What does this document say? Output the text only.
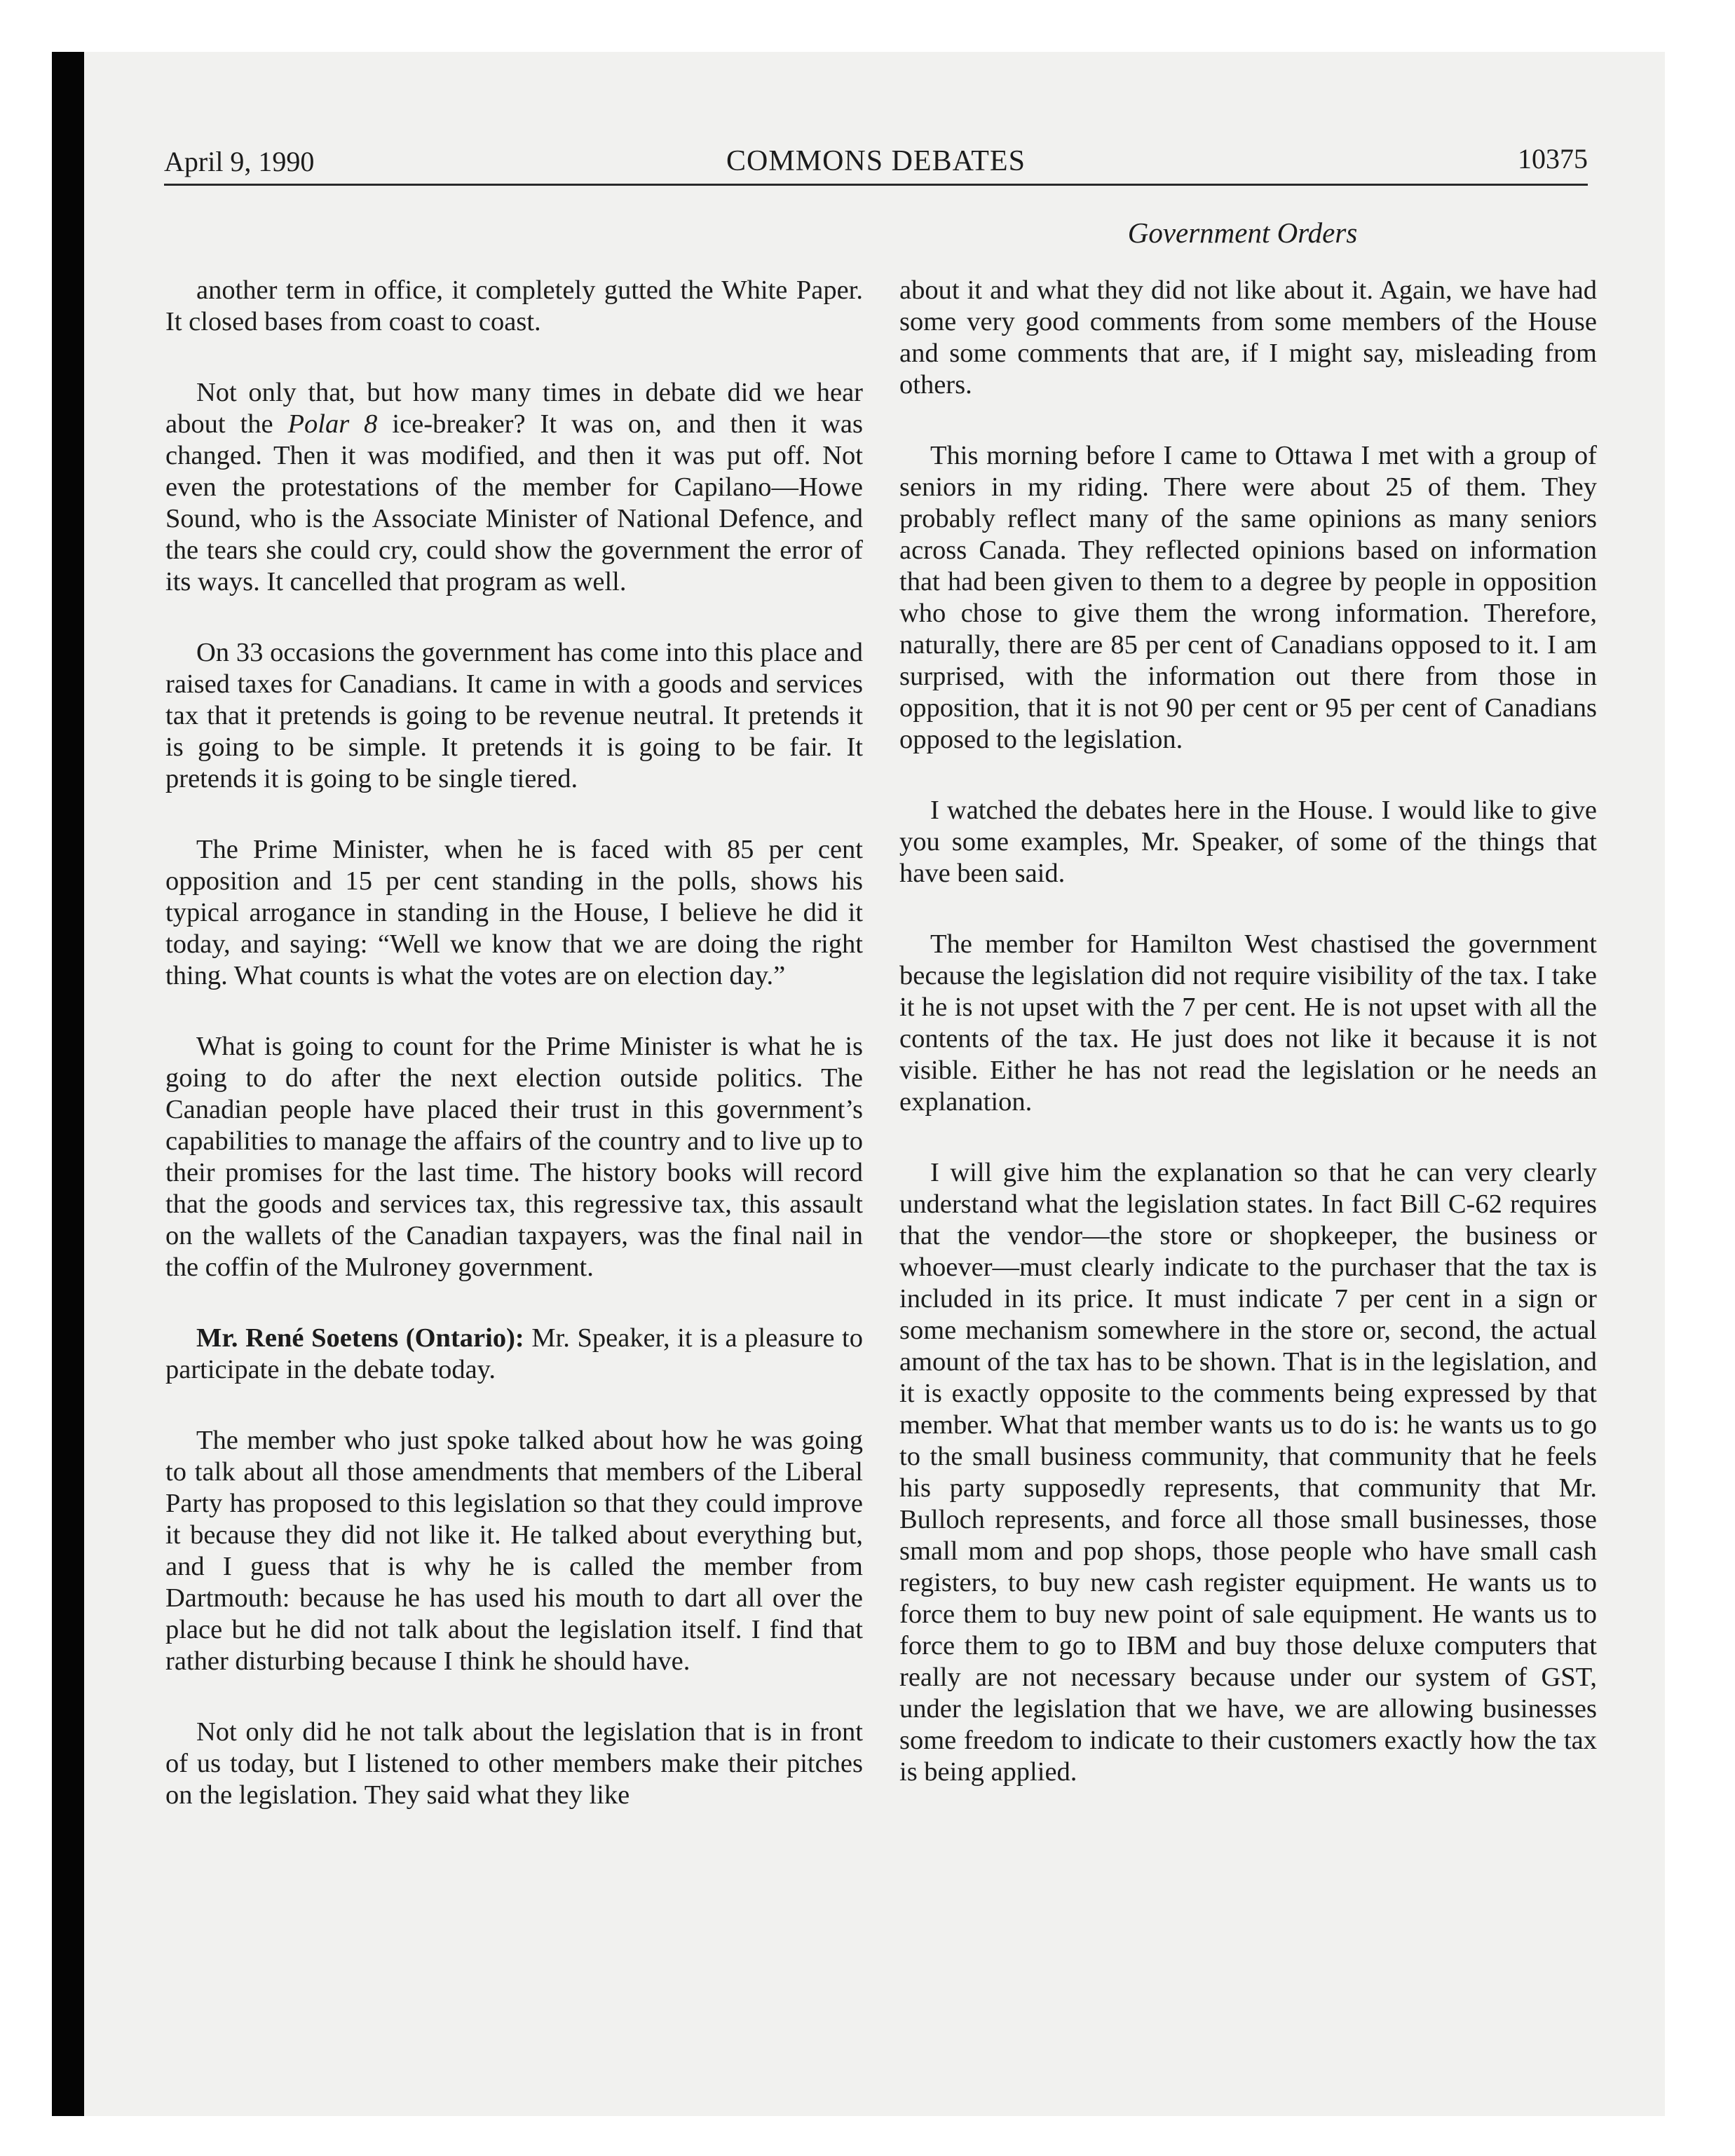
April 9, 1990	COMMONS DEBATES	10375
Government Orders

another term in office, it completely gutted the White Paper. It closed bases from coast to coast.

Not only that, but how many times in debate did we hear about the Polar 8 ice-breaker? It was on, and then it was changed. Then it was modified, and then it was put off. Not even the protestations of the member for Capilano—Howe Sound, who is the Associate Minister of National Defence, and the tears she could cry, could show the government the error of its ways. It cancelled that program as well.

On 33 occasions the government has come into this place and raised taxes for Canadians. It came in with a goods and services tax that it pretends is going to be revenue neutral. It pretends it is going to be simple. It pretends it is going to be fair. It pretends it is going to be single tiered.

The Prime Minister, when he is faced with 85 per cent opposition and 15 per cent standing in the polls, shows his typical arrogance in standing in the House, I believe he did it today, and saying: “Well we know that we are doing the right thing. What counts is what the votes are on election day.”

What is going to count for the Prime Minister is what he is going to do after the next election outside politics. The Canadian people have placed their trust in this government’s capabilities to manage the affairs of the country and to live up to their promises for the last time. The history books will record that the goods and services tax, this regressive tax, this assault on the wallets of the Canadian taxpayers, was the final nail in the coffin of the Mulroney government.

Mr. René Soetens (Ontario): Mr. Speaker, it is a pleasure to participate in the debate today.

The member who just spoke talked about how he was going to talk about all those amendments that members of the Liberal Party has proposed to this legislation so that they could improve it because they did not like it. He talked about everything but, and I guess that is why he is called the member from Dartmouth: because he has used his mouth to dart all over the place but he did not talk about the legislation itself. I find that rather disturbing because I think he should have.

Not only did he not talk about the legislation that is in front of us today, but I listened to other members make their pitches on the legislation. They said what they like

about it and what they did not like about it. Again, we have had some very good comments from some members of the House and some comments that are, if I might say, misleading from others.

This morning before I came to Ottawa I met with a group of seniors in my riding. There were about 25 of them. They probably reflect many of the same opinions as many seniors across Canada. They reflected opinions based on information that had been given to them to a degree by people in opposition who chose to give them the wrong information. Therefore, naturally, there are 85 per cent of Canadians opposed to it. I am surprised, with the information out there from those in opposition, that it is not 90 per cent or 95 per cent of Canadians opposed to the legislation.

I watched the debates here in the House. I would like to give you some examples, Mr. Speaker, of some of the things that have been said.

The member for Hamilton West chastised the government because the legislation did not require visibility of the tax. I take it he is not upset with the 7 per cent. He is not upset with all the contents of the tax. He just does not like it because it is not visible. Either he has not read the legislation or he needs an explanation.

I will give him the explanation so that he can very clearly understand what the legislation states. In fact Bill C-62 requires that the vendor—the store or shopkeeper, the business or whoever—must clearly indicate to the purchaser that the tax is included in its price. It must indicate 7 per cent in a sign or some mechanism somewhere in the store or, second, the actual amount of the tax has to be shown. That is in the legislation, and it is exactly opposite to the comments being expressed by that member. What that member wants us to do is: he wants us to go to the small business community, that community that he feels his party supposedly represents, that community that Mr. Bulloch represents, and force all those small businesses, those small mom and pop shops, those people who have small cash registers, to buy new cash register equipment. He wants us to force them to buy new point of sale equipment. He wants us to force them to go to IBM and buy those deluxe computers that really are not necessary because under our system of GST, under the legislation that we have, we are allowing businesses some freedom to indicate to their customers exactly how the tax is being applied.
